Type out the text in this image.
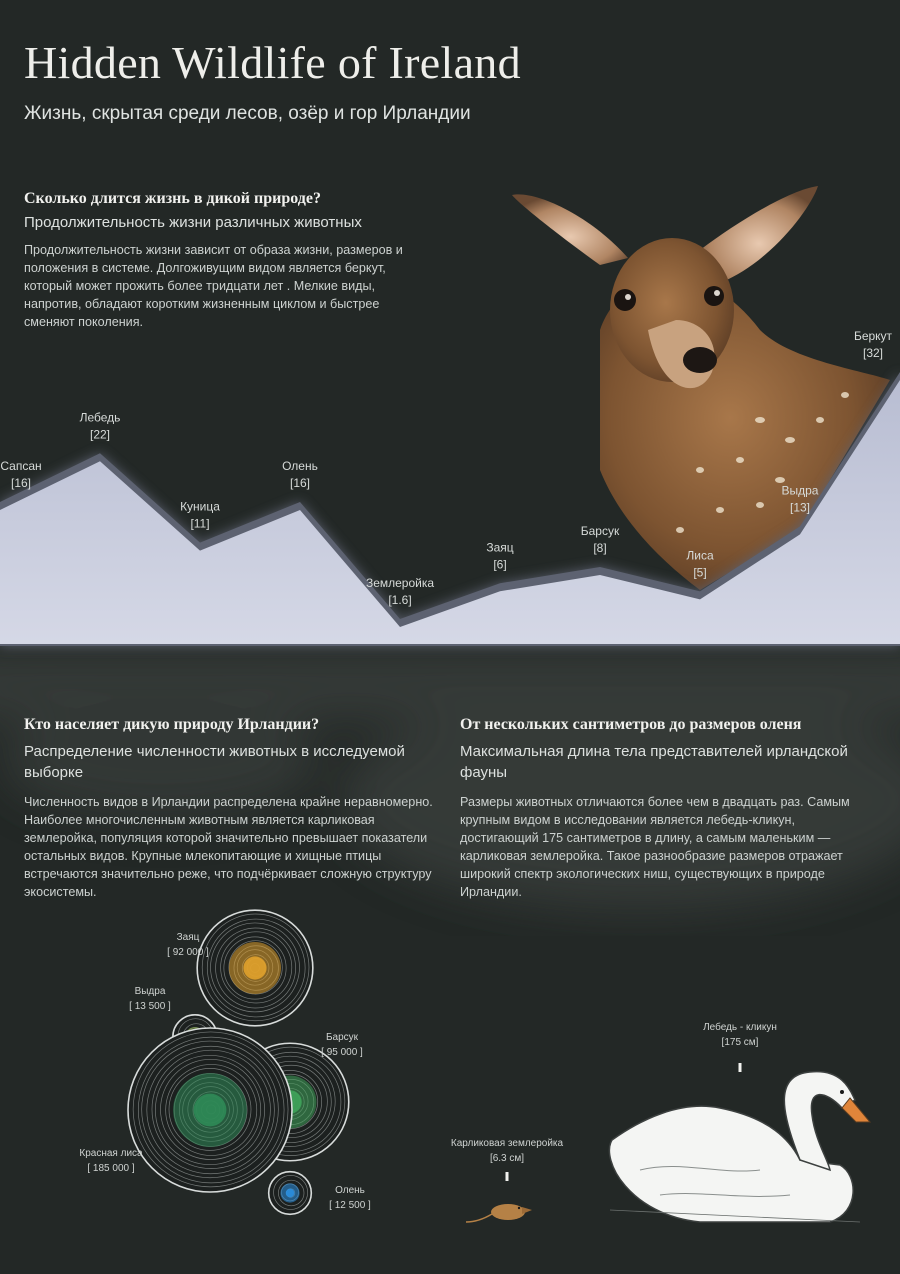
Сапсан
[16]
Лебедь
[22]
Куница
[11]
Олень
[16]
Землеройка
[1.6]
Заяц
[6]
Барсук
[8]
Лиса
[5]
Выдра
[13]
Беркут
[32]
Заяц
[ 92 000 ]
Выдра
[ 13 500 ]
Барсук
[ 95 000 ]
Красная лиса
[ 185 000 ]
Олень
[ 12 500 ]
Карликовая землеройка
[6.3 см]
Лебедь - кликун
[175 см]
Hidden Wildlife of Ireland

Жизнь, скрытая среди лесов, озёр и гор Ирландии

Сколько длится жизнь в дикой природе?

Продолжительность жизни различных животных

Продолжительность жизни зависит от образа жизни, размеров и положения в системе. Долгоживущим видом является беркут, который может прожить более тридцати лет . Мелкие виды, напротив, обладают коротким жизненным циклом и быстрее сменяют поколения.

Кто населяет дикую природу Ирландии?

Распределение численности животных в исследуемой выборке

Численность видов в Ирландии распределена крайне неравномерно. Наиболее многочисленным животным является карликовая землеройка, популяция которой значительно превышает показатели остальных видов. Крупные млекопитающие и хищные птицы встречаются значительно реже, что подчёркивает сложную структуру экосистемы.

От нескольких сантиметров до размеров оленя

Максимальная длина тела представителей ирландской фауны

Размеры животных отличаются более чем в двадцать раз. Самым крупным видом в исследовании является лебедь-кликун, достигающий 175 сантиметров в длину, а самым маленьким — карликовая землеройка. Такое разнообразие размеров отражает широкий спектр экологических ниш, существующих в природе Ирландии.
